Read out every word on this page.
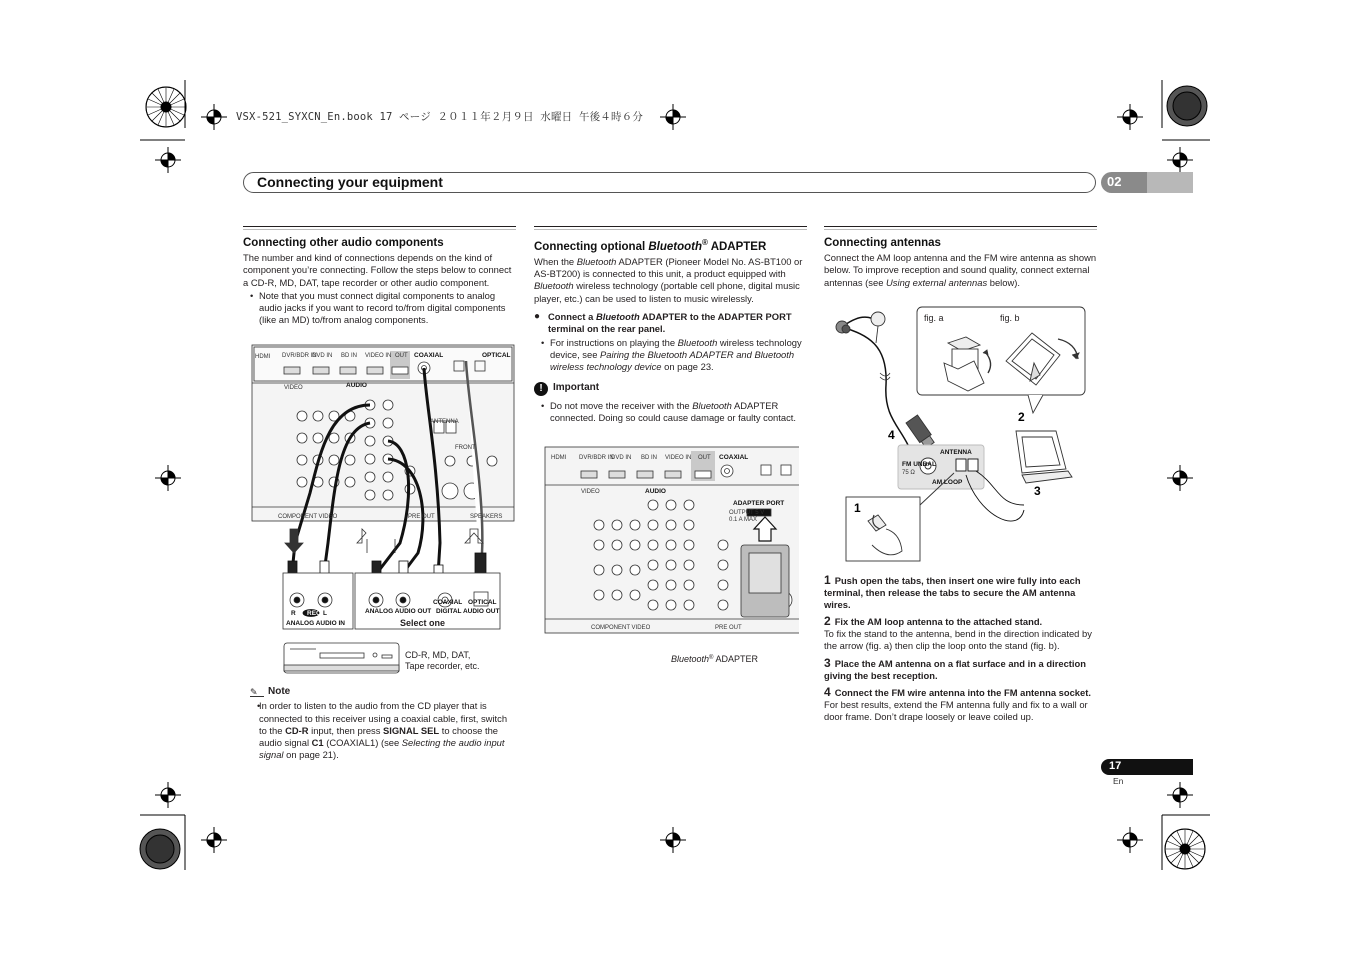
VSX-521_SYXCN_En.book 17 ページ ２０１１年２月９日 水曜日 午後４時６分
Connecting your equipment	02
Connecting other audio components

The number and kind of connections depends on the kind of component you’re connecting. Follow the steps below to connect a CD-R, MD, DAT, tape recorder or other audio component.

• Note that you must connect digital components to analog audio jacks if you want to record to/from digital components (like an MD) to/from analog components.

HDMI DVR/BDR IN
DVD IN BD IN VIDEO IN OUT COAXIAL	OPTICAL
VIDEO	AUDIO
ANTENNA
PRE OUT
COMPONENT VIDEO	SPEAKERS
FRONT
R	L
REC
ANALOG AUDIO IN
ANALOG AUDIO OUT
COAXIAL OPTICAL
DIGITAL AUDIO OUT
Select one
CD-R, MD, DAT,
Tape recorder, etc.
✎	Note

• In order to listen to the audio from the CD player that is connected to this receiver using a coaxial cable, first, switch to the CD-R input, then press SIGNAL SEL to choose the audio signal C1 (COAXIAL1) (see Selecting the audio input signal on page 21).

Connecting optional Bluetooth® ADAPTER

When the Bluetooth ADAPTER (Pioneer Model No. AS-BT100 or AS-BT200) is connected to this unit, a product equipped with Bluetooth wireless technology (portable cell phone, digital music player, etc.) can be used to listen to music wirelessly.

● Connect a Bluetooth ADAPTER to the ADAPTER PORT terminal on the rear panel.

• For instructions on playing the Bluetooth wireless technology device, see Pairing the Bluetooth ADAPTER and Bluetooth wireless technology device on page 23.

!	Important

• Do not move the receiver with the Bluetooth ADAPTER connected. Doing so could cause damage or faulty contact.

HDMI DVR/BDR IN
DVD IN BD IN VIDEO IN OUT COAXIAL
VIDEO	AUDIO
COMPONENT VIDEO	PRE OUT
ADAPTER PORT
OUTPUT 5 V
0.1 A MAX
Bluetooth® ADAPTER
Connecting antennas

Connect the AM loop antenna and the FM wire antenna as shown below. To improve reception and sound quality, connect external antennas (see Using external antennas below).

fig. a	fig. b
ANTENNA
FM UNBAL
75 Ω
AM LOOP
1
2
3
4

1 Push open the tabs, then insert one wire fully into each terminal, then release the tabs to secure the AM antenna wires.

2 Fix the AM loop antenna to the attached stand.

To fix the stand to the antenna, bend in the direction indicated by the arrow (fig. a) then clip the loop onto the stand (fig. b).

3 Place the AM antenna on a flat surface and in a direction giving the best reception.

4 Connect the FM wire antenna into the FM antenna socket.

For best results, extend the FM antenna fully and fix to a wall or door frame. Don’t drape loosely or leave coiled up.

17
En
